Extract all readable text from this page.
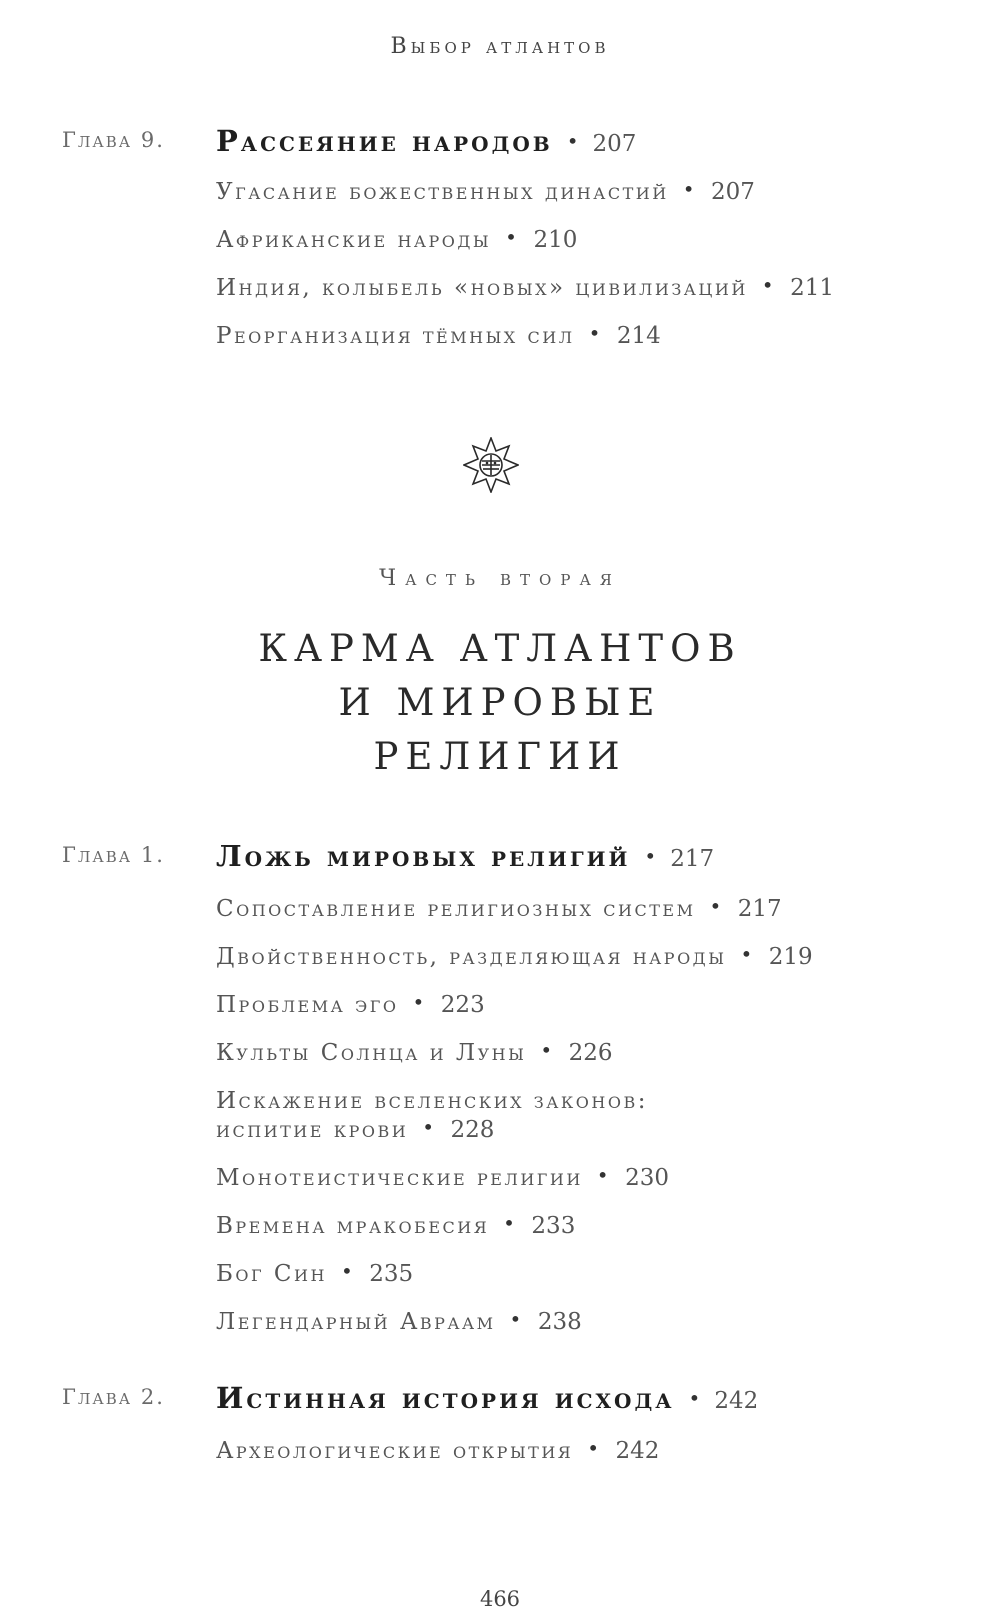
Выбор атлантов
Глава 9. Рассеяние народов • 207
Угасание божественных династий • 207
Африканские народы • 210
Индия, колыбель «новых» цивилизаций • 211
Реорганизация тёмных сил • 214
Часть вторая
КАРМА АТЛАНТОВ
И МИРОВЫЕ
РЕЛИГИИ
Глава 1. Ложь мировых религий • 217
Сопоставление религиозных систем • 217
Двойственность, разделяющая народы • 219
Проблема эго • 223
Культы Солнца и Луны • 226
Искажение вселенских законов:
испитие крови • 228
Монотеистические религии • 230
Времена мракобесия • 233
Бог Син • 235
Легендарный Авраам • 238
Глава 2. Истинная история исхода • 242
Археологические открытия • 242
466
